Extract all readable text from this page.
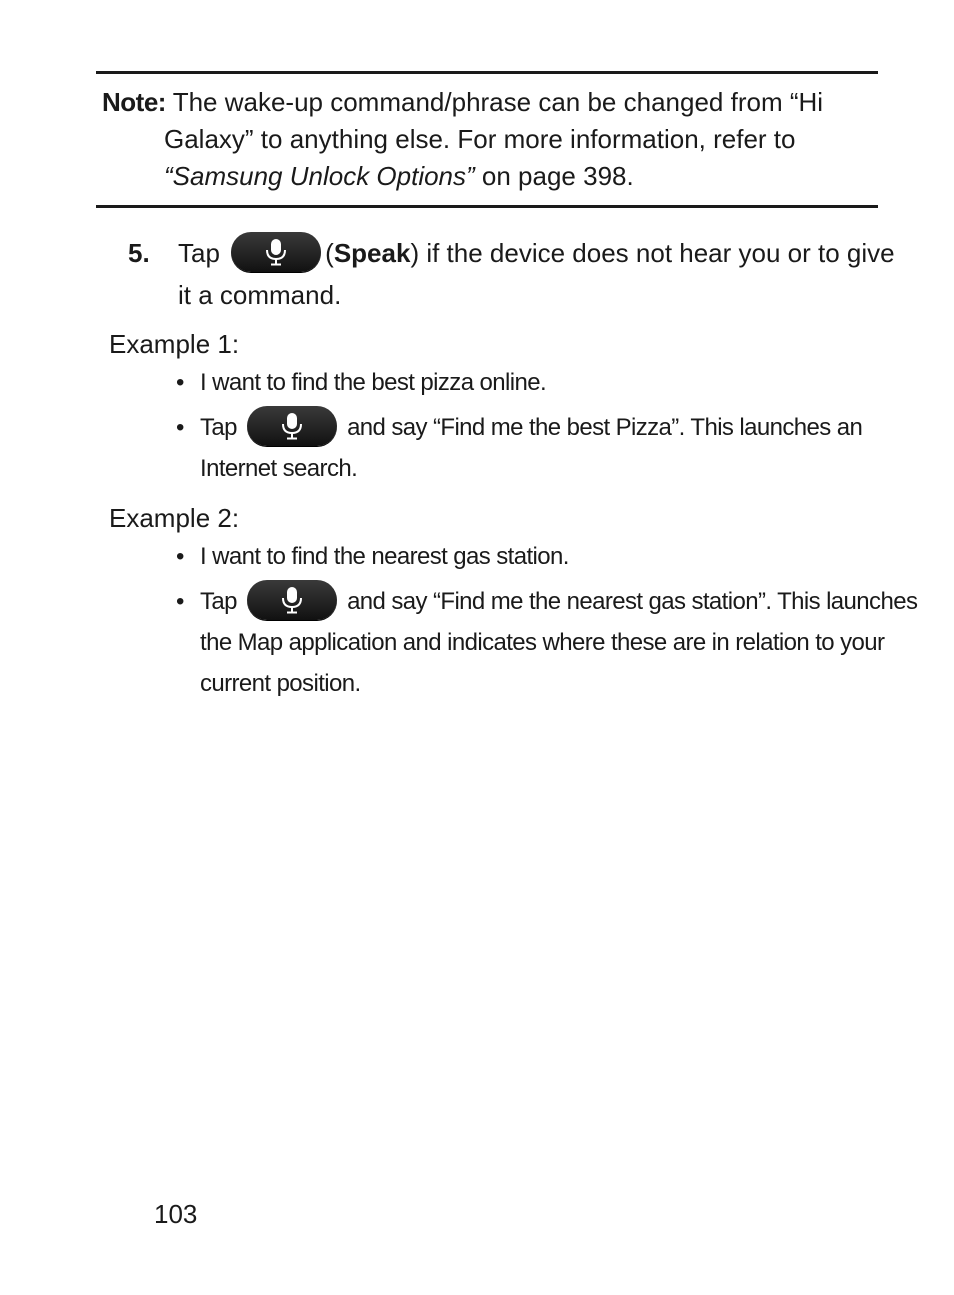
Note: The wake-up command/phrase can be changed from “Hi
Galaxy” to anything else. For more information, refer to
“Samsung Unlock Options” on page 398.
5. Tap	(Speak) if the device does not hear you or to give
it a command.
Example 1:
• I want to find the best pizza online.
• Tap	and say “Find me the best Pizza”. This launches an
Internet search.
Example 2:
• I want to find the nearest gas station.
• Tap	and say “Find me the nearest gas station”. This launches
the Map application and indicates where these are in relation to your
current position.
103
